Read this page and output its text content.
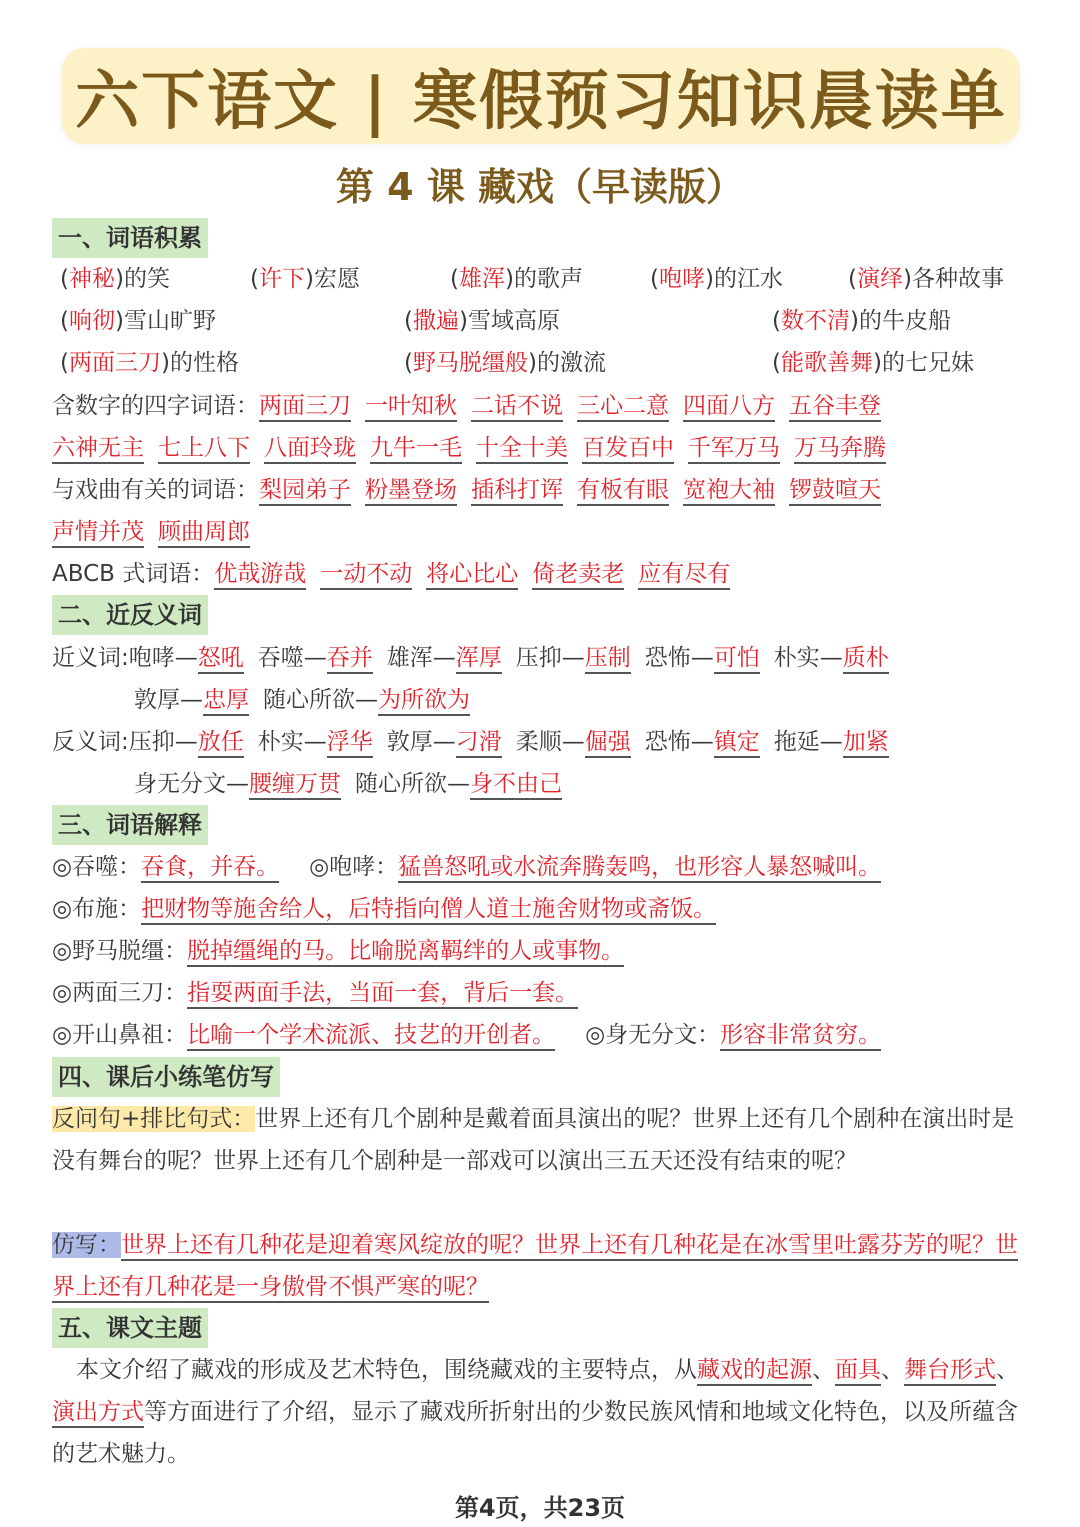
六下语文 | 寒假预习知识晨读单
第 4 课 藏戏（早读版）
一、词语积累
(神秘)的笑	(许下)宏愿	(雄浑)的歌声	(咆哮)的江水	(演绎)各种故事
(响彻)雪山旷野	(撒遍)雪域高原	(数不清)的牛皮船
(两面三刀)的性格	(野马脱缰般)的激流	(能歌善舞)的七兄妹
含数字的四字词语：两面三刀 一叶知秋 二话不说 三心二意 四面八方 五谷丰登
六神无主 七上八下 八面玲珑 九牛一毛 十全十美 百发百中 千军万马 万马奔腾
与戏曲有关的词语：梨园弟子 粉墨登场 插科打诨 有板有眼 宽袍大袖 锣鼓喧天
声情并茂 顾曲周郎
ABCB 式词语：优哉游哉 一动不动 将心比心 倚老卖老 应有尽有
二、近反义词
近义词:咆哮—怒吼 吞噬—吞并 雄浑—浑厚 压抑—压制 恐怖—可怕 朴实—质朴
敦厚—忠厚 随心所欲—为所欲为
反义词:压抑—放任 朴实—浮华 敦厚—刁滑 柔顺—倔强 恐怖—镇定 拖延—加紧
身无分文—腰缠万贯 随心所欲—身不由己
三、词语解释
◎吞噬：吞食，并吞。 ◎咆哮：猛兽怒吼或水流奔腾轰鸣，也形容人暴怒喊叫。
◎布施：把财物等施舍给人，后特指向僧人道士施舍财物或斋饭。
◎野马脱缰：脱掉缰绳的马。比喻脱离羁绊的人或事物。
◎两面三刀：指耍两面手法，当面一套，背后一套。
◎开山鼻祖：比喻一个学术流派、技艺的开创者。 ◎身无分文：形容非常贫穷。
四、课后小练笔仿写
反问句+排比句式：世界上还有几个剧种是戴着面具演出的呢？世界上还有几个剧种在演出时是没有舞台的呢？世界上还有几个剧种是一部戏可以演出三五天还没有结束的呢？
仿写：世界上还有几种花是迎着寒风绽放的呢？世界上还有几种花是在冰雪里吐露芬芳的呢？世界上还有几种花是一身傲骨不惧严寒的呢？
五、课文主题
本文介绍了藏戏的形成及艺术特色，围绕藏戏的主要特点，从藏戏的起源、面具、舞台形式、演出方式等方面进行了介绍，显示了藏戏所折射出的少数民族风情和地域文化特色，以及所蕴含的艺术魅力。
第4页，共23页
